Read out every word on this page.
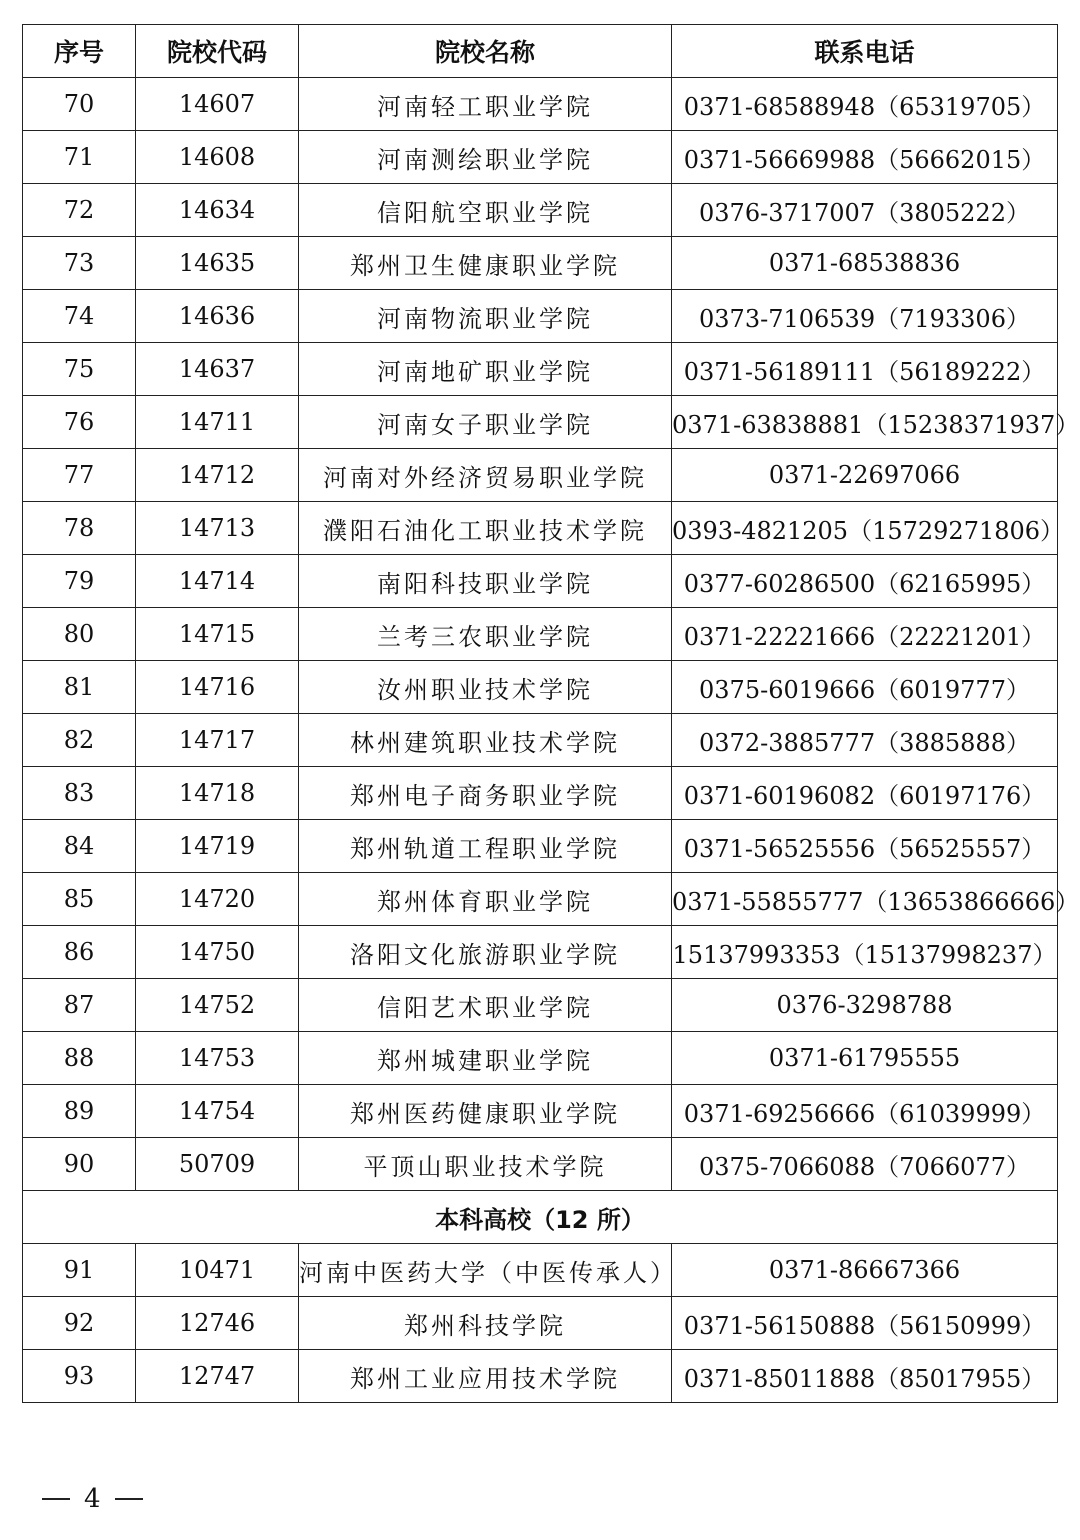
序号	院校代码	院校名称	联系电话
70	14607	河南轻工职业学院	0371-68588948（65319705）
71	14608	河南测绘职业学院	0371-56669988（56662015）
72	14634	信阳航空职业学院	0376-3717007（3805222）
73	14635	郑州卫生健康职业学院	0371-68538836
74	14636	河南物流职业学院	0373-7106539（7193306）
75	14637	河南地矿职业学院	0371-56189111（56189222）
76	14711	河南女子职业学院	0371-63838881（15238371937）
77	14712	河南对外经济贸易职业学院	0371-22697066
78	14713	濮阳石油化工职业技术学院	0393-4821205（15729271806）
79	14714	南阳科技职业学院	0377-60286500（62165995）
80	14715	兰考三农职业学院	0371-22221666（22221201）
81	14716	汝州职业技术学院	0375-6019666（6019777）
82	14717	林州建筑职业技术学院	0372-3885777（3885888）
83	14718	郑州电子商务职业学院	0371-60196082（60197176）
84	14719	郑州轨道工程职业学院	0371-56525556（56525557）
85	14720	郑州体育职业学院	0371-55855777（13653866666）
86	14750	洛阳文化旅游职业学院	15137993353（15137998237）
87	14752	信阳艺术职业学院	0376-3298788
88	14753	郑州城建职业学院	0371-61795555
89	14754	郑州医药健康职业学院	0371-69256666（61039999）
90	50709	平顶山职业技术学院	0375-7066088（7066077）
本科高校（12 所）			
91	10471	河南中医药大学（中医传承人）	0371-86667366
92	12746	郑州科技学院	0371-56150888（56150999）
93	12747	郑州工业应用技术学院	0371-85011888（85017955）
4
